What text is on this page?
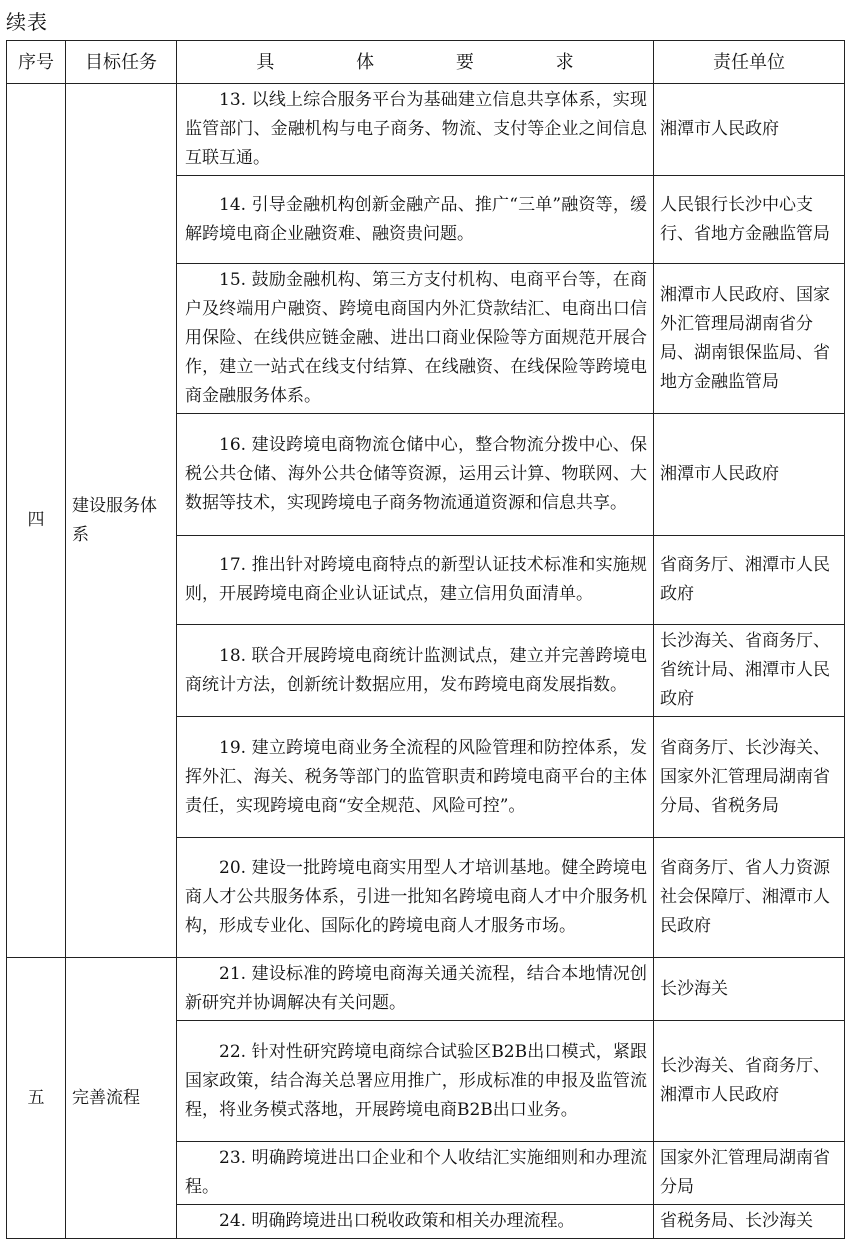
续表
序号	目标任务	具 体 要 求	责任单位
四	建设服务体系	13. 以线上综合服务平台为基础建立信息共享体系，实现监管部门、金融机构与电子商务、物流、支付等企业之间信息互联互通。	湘潭市人民政府
		14. 引导金融机构创新金融产品、推广“三单”融资等，缓解跨境电商企业融资难、融资贵问题。	人民银行长沙中心支行、省地方金融监管局
		15. 鼓励金融机构、第三方支付机构、电商平台等，在商户及终端用户融资、跨境电商国内外汇贷款结汇、电商出口信用保险、在线供应链金融、进出口商业保险等方面规范开展合作，建立一站式在线支付结算、在线融资、在线保险等跨境电商金融服务体系。	湘潭市人民政府、国家外汇管理局湖南省分局、湖南银保监局、省地方金融监管局
		16. 建设跨境电商物流仓储中心，整合物流分拨中心、保税公共仓储、海外公共仓储等资源，运用云计算、物联网、大数据等技术，实现跨境电子商务物流通道资源和信息共享。	湘潭市人民政府
		17. 推出针对跨境电商特点的新型认证技术标准和实施规则，开展跨境电商企业认证试点，建立信用负面清单。	省商务厅、湘潭市人民政府
		18. 联合开展跨境电商统计监测试点，建立并完善跨境电商统计方法，创新统计数据应用，发布跨境电商发展指数。	长沙海关、省商务厅、省统计局、湘潭市人民政府
		19. 建立跨境电商业务全流程的风险管理和防控体系，发挥外汇、海关、税务等部门的监管职责和跨境电商平台的主体责任，实现跨境电商“安全规范、风险可控”。	省商务厅、长沙海关、国家外汇管理局湖南省分局、省税务局
		20. 建设一批跨境电商实用型人才培训基地。健全跨境电商人才公共服务体系，引进一批知名跨境电商人才中介服务机构，形成专业化、国际化的跨境电商人才服务市场。	省商务厅、省人力资源社会保障厅、湘潭市人民政府
五	完善流程	21. 建设标准的跨境电商海关通关流程，结合本地情况创新研究并协调解决有关问题。	长沙海关
		22. 针对性研究跨境电商综合试验区B2B出口模式，紧跟国家政策，结合海关总署应用推广，形成标准的申报及监管流程，将业务模式落地，开展跨境电商B2B出口业务。	长沙海关、省商务厅、湘潭市人民政府
		23. 明确跨境进出口企业和个人收结汇实施细则和办理流程。	国家外汇管理局湖南省分局
		24. 明确跨境进出口税收政策和相关办理流程。	省税务局、长沙海关
